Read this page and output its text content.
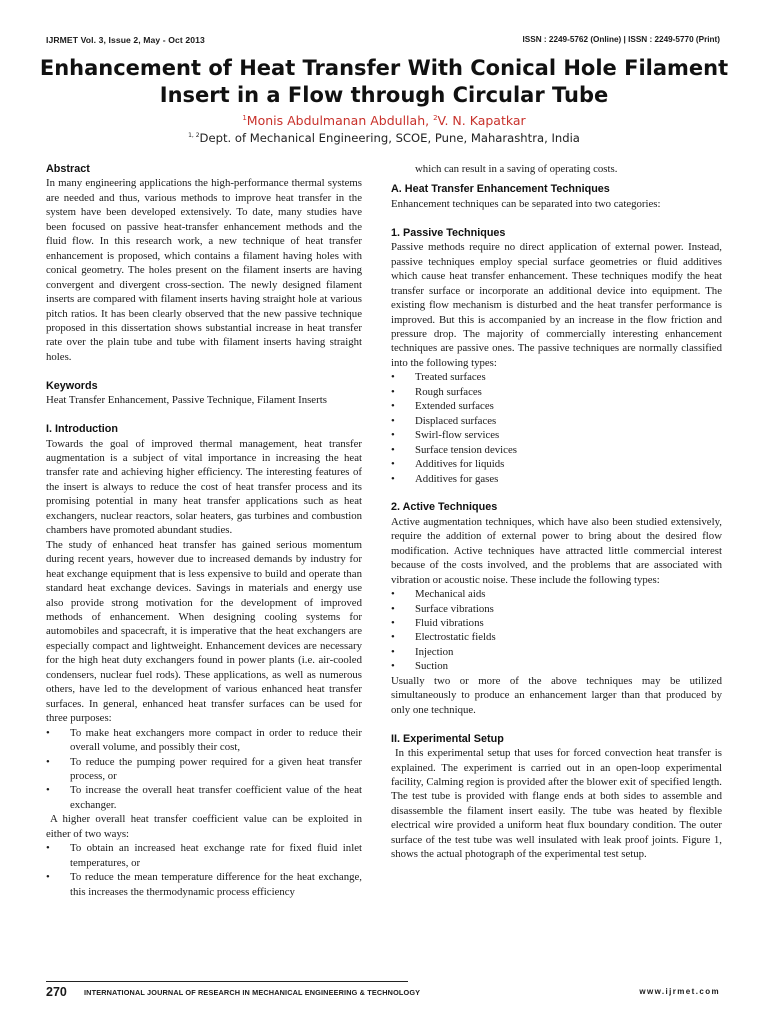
IJRMET Vol. 3, Issue 2, May - Oct 2013	ISSN : 2249-5762 (Online) | ISSN : 2249-5770 (Print)
Enhancement of Heat Transfer With Conical Hole Filament Insert in a Flow through Circular Tube
$^1$Monis Abdulmanan Abdullah, $^2$V. N. Kapatkar
$^{1, 2}$Dept. of Mechanical Engineering, SCOE, Pune, Maharashtra, India
Abstract

In many engineering applications the high-performance thermal systems are needed and thus, various methods to improve heat transfer in the system have been developed extensively. To date, many studies have been focused on passive heat-transfer enhancement methods and the fluid flow. In this research work, a new technique of heat transfer enhancement is proposed, which contains a filament having holes with conical geometry. The holes present on the filament inserts are having convergent and divergent cross-section. The newly designed filament inserts are compared with filament inserts having straight hole at various pitch ratios. It has been clearly observed that the new passive technique proposed in this dissertation shows substantial increase in heat transfer rate over the plain tube and tube with filament inserts having straight holes.

Keywords

Heat Transfer Enhancement, Passive Technique, Filament Inserts

I. Introduction

Towards the goal of improved thermal management, heat transfer augmentation is a subject of vital importance in increasing the heat transfer rate and achieving higher efficiency. The interesting features of the insert is always to reduce the cost of heat transfer process and its promising potential in many heat transfer applications such as heat exchangers, nuclear reactors, solar heaters, gas turbines and combustion chambers have promoted abundant studies.

The study of enhanced heat transfer has gained serious momentum during recent years, however due to increased demands by industry for heat exchange equipment that is less expensive to build and operate than standard heat exchange devices. Savings in materials and energy use also provide strong motivation for the development of improved methods of enhancement. When designing cooling systems for automobiles and spacecraft, it is imperative that the heat exchangers are especially compact and lightweight. Enhancement devices are necessary for the high heat duty exchangers found in power plants (i.e. air-cooled condensers, nuclear fuel rods). These applications, as well as numerous others, have led to the development of various enhanced heat transfer surfaces. In general, enhanced heat transfer surfaces can be used for three purposes:

• To make heat exchangers more compact in order to reduce their overall volume, and possibly their cost,
• To reduce the pumping power required for a given heat transfer process, or
• To increase the overall heat transfer coefficient value of the heat exchanger.

A higher overall heat transfer coefficient value can be exploited in either of two ways:

• To obtain an increased heat exchange rate for fixed fluid inlet temperatures, or
• To reduce the mean temperature difference for the heat exchange, this increases the thermodynamic process efficiency

which can result in a saving of operating costs.

A. Heat Transfer Enhancement Techniques

Enhancement techniques can be separated into two categories:

1. Passive Techniques

Passive methods require no direct application of external power. Instead, passive techniques employ special surface geometries or fluid additives which cause heat transfer enhancement. These techniques modify the heat transfer surface or incorporate an additional device into equipment. The existing flow mechanism is disturbed and the heat transfer performance is improved. But this is accompanied by an increase in the flow friction and pressure drop. The majority of commercially interesting enhancement techniques are passive ones. The passive techniques are normally classified into the following types:

• Treated surfaces
• Rough surfaces
• Extended surfaces
• Displaced surfaces
• Swirl-flow services
• Surface tension devices
• Additives for liquids
• Additives for gases
2. Active Techniques

Active augmentation techniques, which have also been studied extensively, require the addition of external power to bring about the desired flow modification. Active techniques have attracted little commercial interest because of the costs involved, and the problems that are associated with vibration or acoustic noise. These include the following types:

• Mechanical aids
• Surface vibrations
• Fluid vibrations
• Electrostatic fields
• Injection
• Suction

Usually two or more of the above techniques may be utilized simultaneously to produce an enhancement larger than that produced by only one technique.

II. Experimental Setup

In this experimental setup that uses for forced convection heat transfer is explained. The experiment is carried out in an open-loop experimental facility, Calming region is provided after the blower exit of specified length. The test tube is provided with flange ends at both sides to assemble and disassemble the filament insert easily. The tube was heated by flexible electrical wire provided a uniform heat flux boundary condition. The outer surface of the test tube was well insulated with leak proof joints. Figure 1, shows the actual photograph of the experimental test setup.

270 INTERNATIONAL JOURNAL OF RESEARCH IN MECHANICAL ENGINEERING & TECHNOLOGY	www.ijrmet.com
